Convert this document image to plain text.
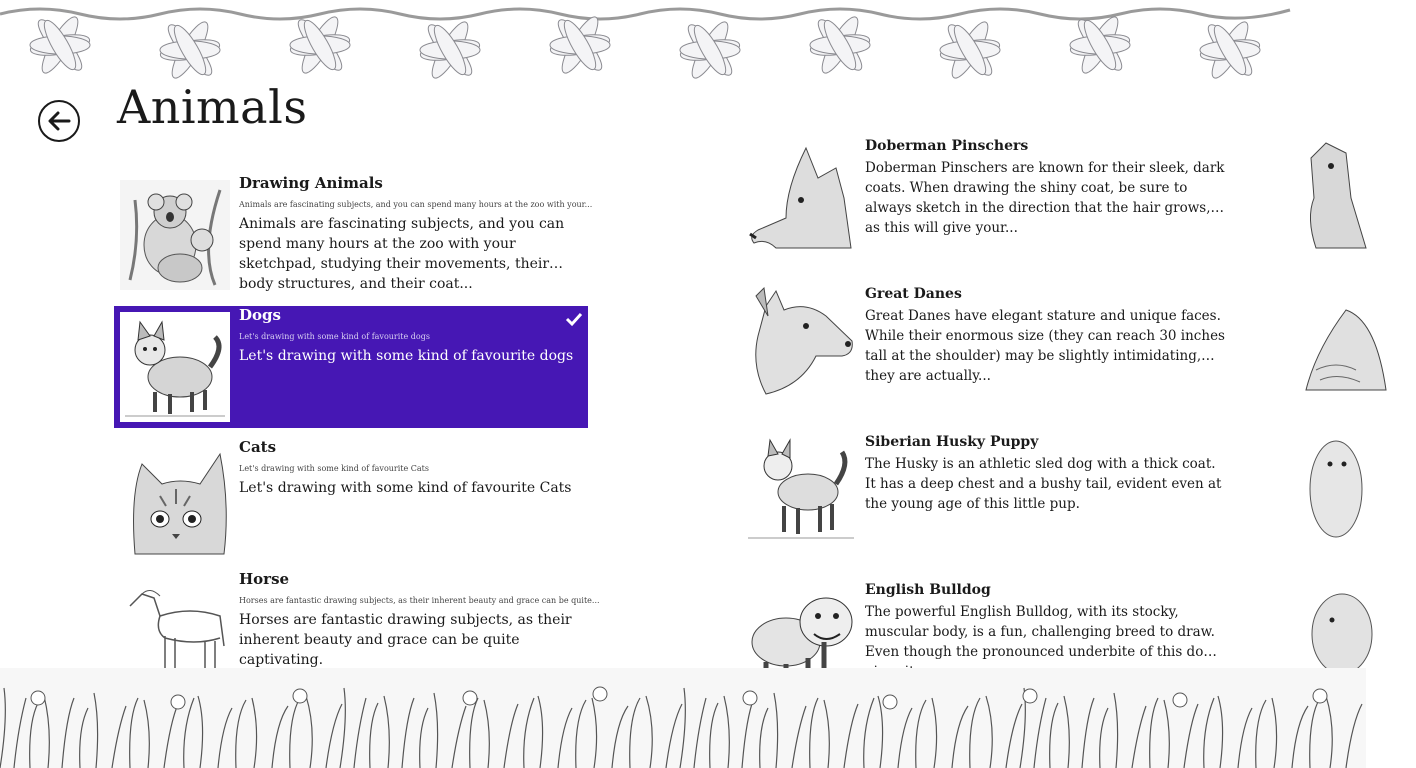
Animals
Drawing Animals
Animals are fascinating subjects, and you can spend many hours at the zoo with your...
Animals are fascinating subjects, and you can spend many hours at the zoo with your sketchpad, studying their movements, their body structures, and their coat...
Dogs
Let's drawing with some kind of favourite dogs
Let's drawing with some kind of favourite dogs
Cats
Let's drawing with some kind of favourite Cats
Let's drawing with some kind of favourite Cats
Horse
Horses are fantastic drawing subjects, as their inherent beauty and grace can be quite...
Horses are fantastic drawing subjects, as their inherent beauty and grace can be quite captivating.
Doberman Pinschers
Doberman Pinschers are known for their sleek, dark coats. When drawing the shiny coat, be sure to always sketch in the direction that the hair grows, as this will give your...
Great Danes
Great Danes have elegant stature and unique faces. While their enormous size (they can reach 30 inches tall at the shoulder) may be slightly intimidating, they are actually...
Siberian Husky Puppy
The Husky is an athletic sled dog with a thick coat. It has a deep chest and a bushy tail, evident even at the young age of this little pup.
English Bulldog
The powerful English Bulldog, with its stocky, muscular body, is a fun, challenging breed to draw. Even though the pronounced underbite of this dog
